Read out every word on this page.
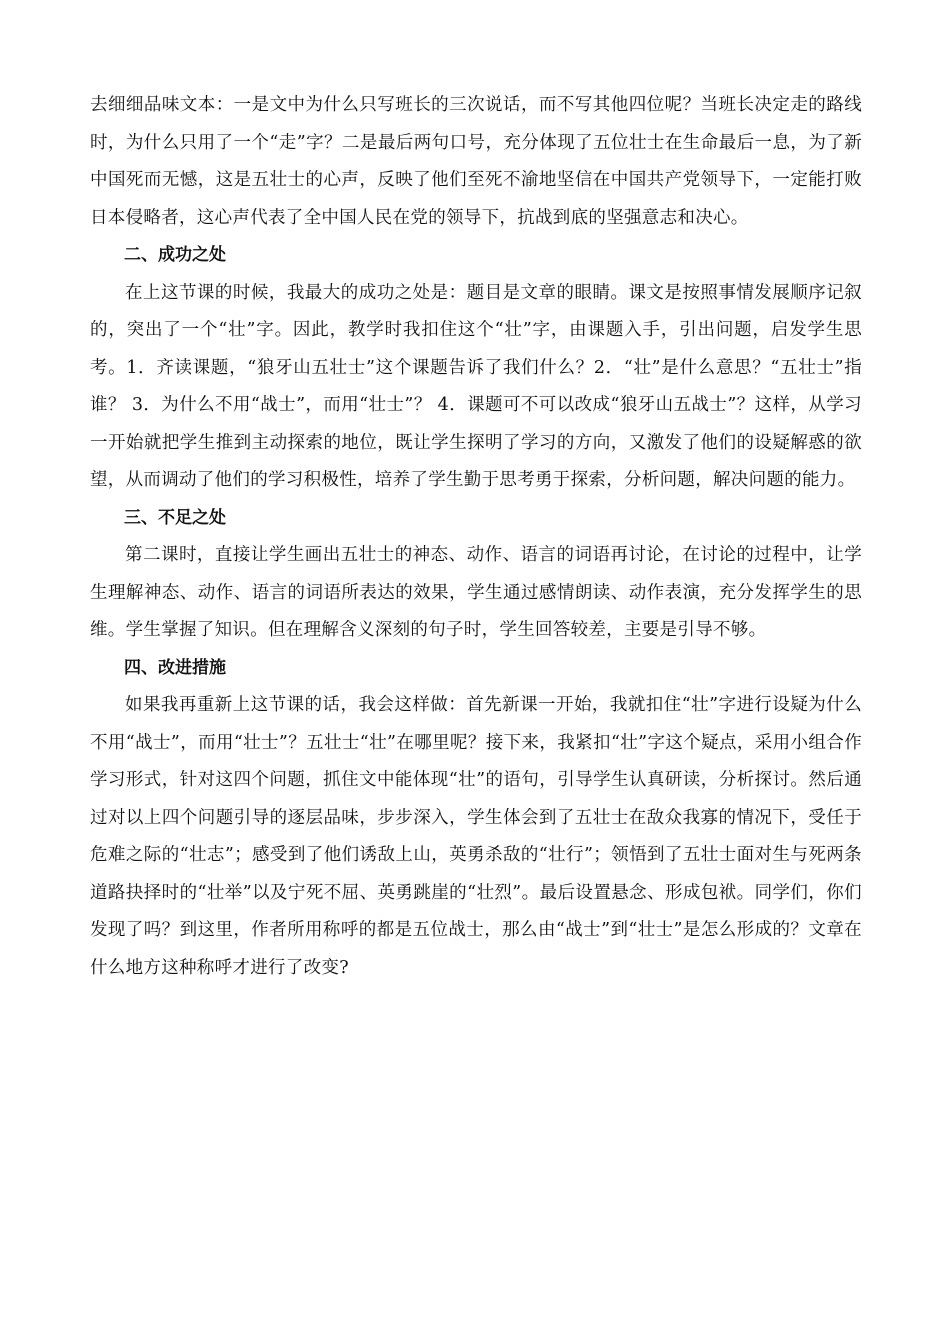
去细细品味文本：一是文中为什么只写班长的三次说话，而不写其他四位呢？当班长决定走的路线时，为什么只用了一个“走”字？二是最后两句口号，充分体现了五位壮士在生命最后一息，为了新中国死而无憾，这是五壮士的心声，反映了他们至死不渝地坚信在中国共产党领导下，一定能打败日本侵略者，这心声代表了全中国人民在党的领导下，抗战到底的坚强意志和决心。

二、成功之处

在上这节课的时候，我最大的成功之处是：题目是文章的眼睛。课文是按照事情发展顺序记叙的，突出了一个“壮”字。因此，教学时我扣住这个“壮”字，由课题入手，引出问题，启发学生思考。1．齐读课题，“狼牙山五壮士”这个课题告诉了我们什么？2．“壮”是什么意思？“五壮士”指谁？ 3．为什么不用“战士”，而用“壮士”？ 4．课题可不可以改成“狼牙山五战士”？这样，从学习一开始就把学生推到主动探索的地位，既让学生探明了学习的方向，又激发了他们的设疑解惑的欲望，从而调动了他们的学习积极性，培养了学生勤于思考勇于探索，分析问题，解决问题的能力。

三、不足之处

第二课时，直接让学生画出五壮士的神态、动作、语言的词语再讨论，在讨论的过程中，让学生理解神态、动作、语言的词语所表达的效果，学生通过感情朗读、动作表演，充分发挥学生的思维。学生掌握了知识。但在理解含义深刻的句子时，学生回答较差，主要是引导不够。

四、改进措施

如果我再重新上这节课的话，我会这样做：首先新课一开始，我就扣住“壮”字进行设疑为什么不用“战士”，而用“壮士”？五壮士“壮”在哪里呢？接下来，我紧扣“壮”字这个疑点，采用小组合作学习形式，针对这四个问题，抓住文中能体现“壮”的语句，引导学生认真研读，分析探讨。然后通过对以上四个问题引导的逐层品味，步步深入，学生体会到了五壮士在敌众我寡的情况下，受任于危难之际的“壮志”；感受到了他们诱敌上山，英勇杀敌的“壮行”；领悟到了五壮士面对生与死两条道路抉择时的“壮举”以及宁死不屈、英勇跳崖的“壮烈”。最后设置悬念、形成包袱。同学们，你们发现了吗？到这里，作者所用称呼的都是五位战士，那么由“战士”到“壮士”是怎么形成的？文章在什么地方这种称呼才进行了改变?
